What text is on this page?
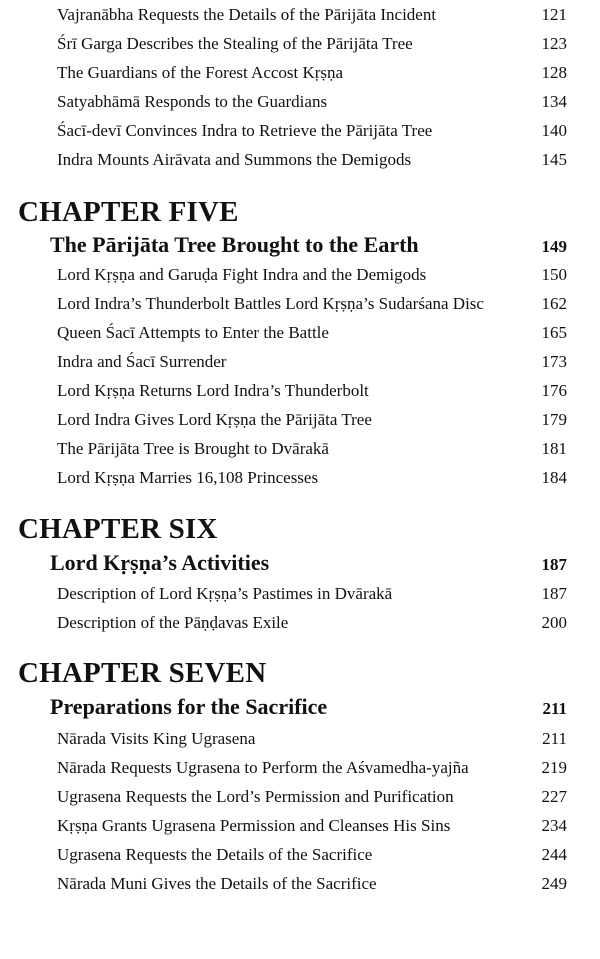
Vajranābha Requests the Details of the Pārijāta Incident	121
Śrī Garga Describes the Stealing of the Pārijāta Tree	123
The Guardians of the Forest Accost Kṛṣṇa	128
Satyabhāmā Responds to the Guardians	134
Śacī-devī Convinces Indra to Retrieve the Pārijāta Tree	140
Indra Mounts Airāvata and Summons the Demigods	145
CHAPTER FIVE
The Pārijāta Tree Brought to the Earth	149
Lord Kṛṣṇa and Garuḍa Fight Indra and the Demigods	150
Lord Indra’s Thunderbolt Battles Lord Kṛṣṇa’s Sudarśana Disc	162
Queen Śacī Attempts to Enter the Battle	165
Indra and Śacī Surrender	173
Lord Kṛṣṇa Returns Lord Indra’s Thunderbolt	176
Lord Indra Gives Lord Kṛṣṇa the Pārijāta Tree	179
The Pārijāta Tree is Brought to Dvārakā	181
Lord Kṛṣṇa Marries 16,108 Princesses	184
CHAPTER SIX
Lord Kṛṣṇa’s Activities	187
Description of Lord Kṛṣṇa’s Pastimes in Dvārakā	187
Description of the Pāṇḍavas Exile	200
CHAPTER SEVEN
Preparations for the Sacrifice	211
Nārada Visits King Ugrasena	211
Nārada Requests Ugrasena to Perform the Aśvamedha-yajña	219
Ugrasena Requests the Lord’s Permission and Purification	227
Kṛṣṇa Grants Ugrasena Permission and Cleanses His Sins	234
Ugrasena Requests the Details of the Sacrifice	244
Nārada Muni Gives the Details of the Sacrifice	249
